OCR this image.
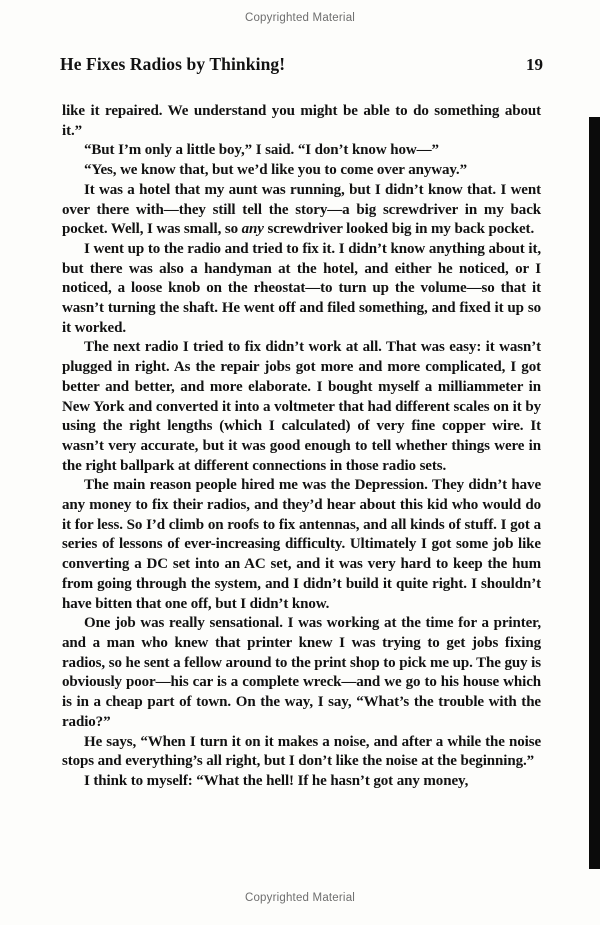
Copyrighted Material
He Fixes Radios by Thinking!	19

like it repaired. We understand you might be able to do something about it.”

“But I’m only a little boy,” I said. “I don’t know how—”

“Yes, we know that, but we’d like you to come over anyway.”

It was a hotel that my aunt was running, but I didn’t know that. I went over there with—they still tell the story—a big screwdriver in my back pocket. Well, I was small, so any screwdriver looked big in my back pocket.

I went up to the radio and tried to fix it. I didn’t know anything about it, but there was also a handyman at the hotel, and either he noticed, or I noticed, a loose knob on the rheostat—to turn up the volume—so that it wasn’t turning the shaft. He went off and filed something, and fixed it up so it worked.

The next radio I tried to fix didn’t work at all. That was easy: it wasn’t plugged in right. As the repair jobs got more and more complicated, I got better and better, and more elaborate. I bought myself a milliammeter in New York and converted it into a voltmeter that had different scales on it by using the right lengths (which I calculated) of very fine copper wire. It wasn’t very accurate, but it was good enough to tell whether things were in the right ballpark at different connections in those radio sets.

The main reason people hired me was the Depression. They didn’t have any money to fix their radios, and they’d hear about this kid who would do it for less. So I’d climb on roofs to fix antennas, and all kinds of stuff. I got a series of lessons of ever-increasing difficulty. Ultimately I got some job like converting a DC set into an AC set, and it was very hard to keep the hum from going through the system, and I didn’t build it quite right. I shouldn’t have bitten that one off, but I didn’t know.

One job was really sensational. I was working at the time for a printer, and a man who knew that printer knew I was trying to get jobs fixing radios, so he sent a fellow around to the print shop to pick me up. The guy is obviously poor—his car is a complete wreck—and we go to his house which is in a cheap part of town. On the way, I say, “What’s the trouble with the radio?”

He says, “When I turn it on it makes a noise, and after a while the noise stops and everything’s all right, but I don’t like the noise at the beginning.”

I think to myself: “What the hell! If he hasn’t got any money,

Copyrighted Material
